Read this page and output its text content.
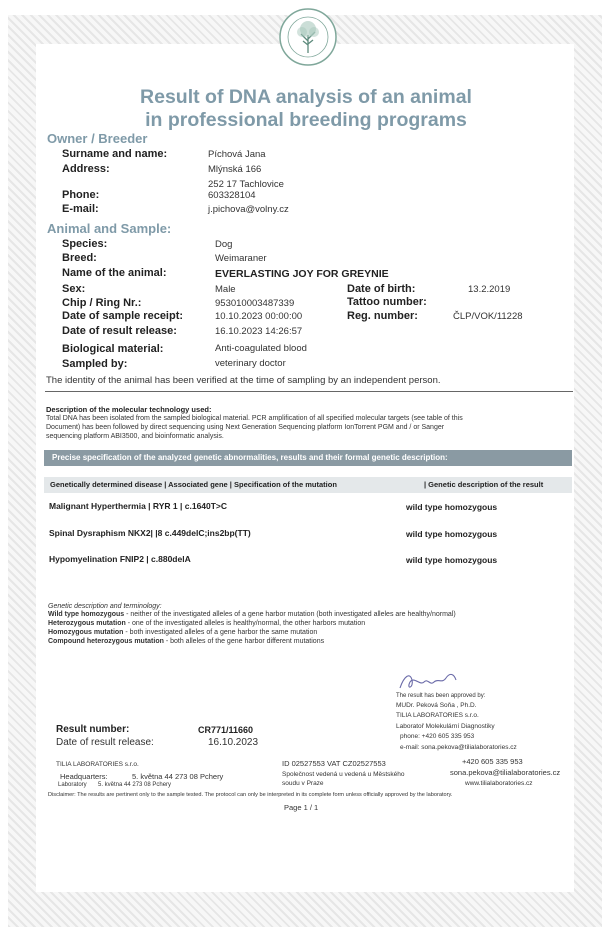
Result of DNA analysis of an animal
in professional breeding programs
Owner / Breeder
Surname and name:	Píchová Jana
Address:	Mlýnská 166
252 17 Tachlovice
Phone:	603328104
E-mail:	j.pichova@volny.cz
Animal and Sample:
Species:	Dog
Breed:	Weimaraner
Name of the animal:	EVERLASTING JOY FOR GREYNIE
Sex:	Male	Date of birth:	13.2.2019
Chip / Ring Nr.:	953010003487339	Tattoo number:
Date of sample receipt:	10.10.2023 00:00:00	Reg. number:	ČLP/VOK/11228
Date of result release:	16.10.2023 14:26:57
Biological material:	Anti-coagulated blood
Sampled by:	veterinary doctor
The identity of the animal has been verified at the time of sampling by an independent person.
Description of the molecular technology used:
Total DNA has been isolated from the sampled biological material. PCR amplification of all specified molecular targets (see table of this
Document) has been followed by direct sequencing using Next Generation Sequencing platform IonTorrent PGM and / or Sanger
sequencing platform ABI3500, and bioinformatic analysis.
Precise specification of the analyzed genetic abnormalities, results and their formal genetic description:
Genetically determined disease | Associated gene | Specification of the mutation	| Genetic description of the result
Malignant Hyperthermia | RYR 1 | c.1640T>C	wild type homozygous
Spinal Dysraphism NKX2| |8 c.449delC;ins2bp(TT)	wild type homozygous
Hypomyelination FNIP2 | c.880delA	wild type homozygous
Genetic description and terminology:
Wild type homozygous - neither of the investigated alleles of a gene harbor mutation (both investigated alleles are healthy/normal)
Heterozygous mutation - one of the investigated alleles is healthy/normal, the other harbors mutation
Homozygous mutation - both investigated alleles of a gene harbor the same mutation
Compound heterozygous mutation - both alleles of the gene harbor different mutations
The result has been approved by:
MUDr. Peková Soňa , Ph.D.
TILIA LABORATORIES s.r.o.
Laboratoř Molekulární Diagnostiky
phone: +420 605 335 953
e-mail: sona.pekova@tilialaboratories.cz
Result number:	CR771/11660
Date of result release:	16.10.2023
TILIA LABORATORIES s.r.o.
Headquarters:	5. května 44 273 08 Pchery
Laboratory 5. května 44 273 08 Pchery
ID 02527553 VAT CZ02527553
Společnost vedená u vedená u Městského
soudu v Praze
+420 605 335 953
sona.pekova@tilialaboratories.cz
www.tilialaboratories.cz
Disclaimer: The results are pertinent only to the sample tested. The protocol can only be interpreted in its complete form unless officially approved by the laboratory.
Page 1 / 1
